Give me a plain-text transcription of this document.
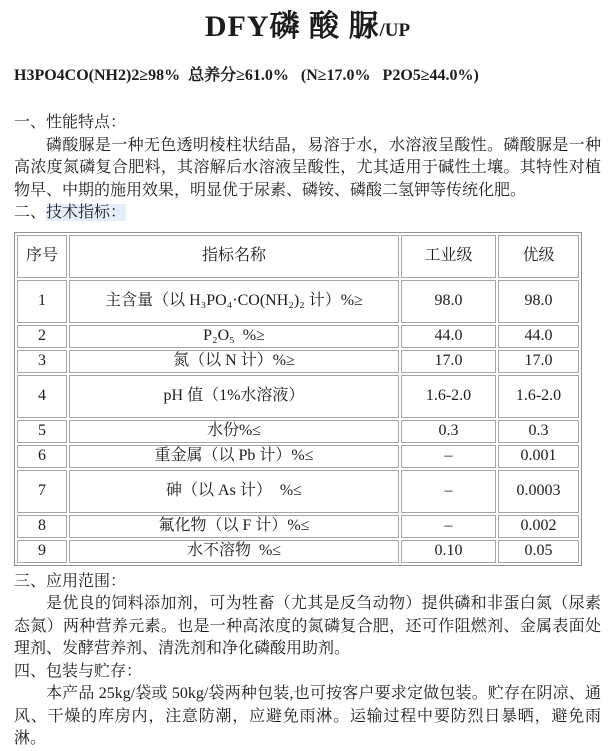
DFY磷 酸 脲/UP
H3PO4CO(NH2)2≥98%  总养分≥61.0%   (N≥17.0%   P2O5≥44.0%)
一、性能特点：

磷酸脲是一种无色透明棱柱状结晶，易溶于水，水溶液呈酸性。磷酸脲是一种高浓度氮磷复合肥料，其溶解后水溶液呈酸性，尤其适用于碱性土壤。其特性对植物早、中期的施用效果，明显优于尿素、磷铵、磷酸二氢钾等传统化肥。

二、技术指标：
序号	指标名称	工业级	优级
1	主含量（以 H₃PO₄·CO(NH₂)₂ 计）%≥	98.0	98.0
2	P₂O₅  %≥	44.0	44.0
3	氮（以 N 计）%≥	17.0	17.0
4	pH 值（1%水溶液）	1.6-2.0	1.6-2.0
5	水份%≤	0.3	0.3
6	重金属（以 Pb 计）%≤	–	0.001
7	砷（以 As 计）  %≤	–	0.0003
8	氟化物（以 F 计）%≤	–	0.002
9	水不溶物  %≤	0.10	0.05
三、应用范围：

是优良的饲料添加剂，可为牲畜（尤其是反刍动物）提供磷和非蛋白氮（尿素态氮）两种营养元素。也是一种高浓度的氮磷复合肥，还可作阻燃剂、金属表面处理剂、发酵营养剂、清洗剂和净化磷酸用助剂。

四、包装与贮存：

本产品 25kg/袋或 50kg/袋两种包装,也可按客户要求定做包装。贮存在阴凉、通风、干燥的库房内，注意防潮，应避免雨淋。运输过程中要防烈日暴晒，避免雨淋。
